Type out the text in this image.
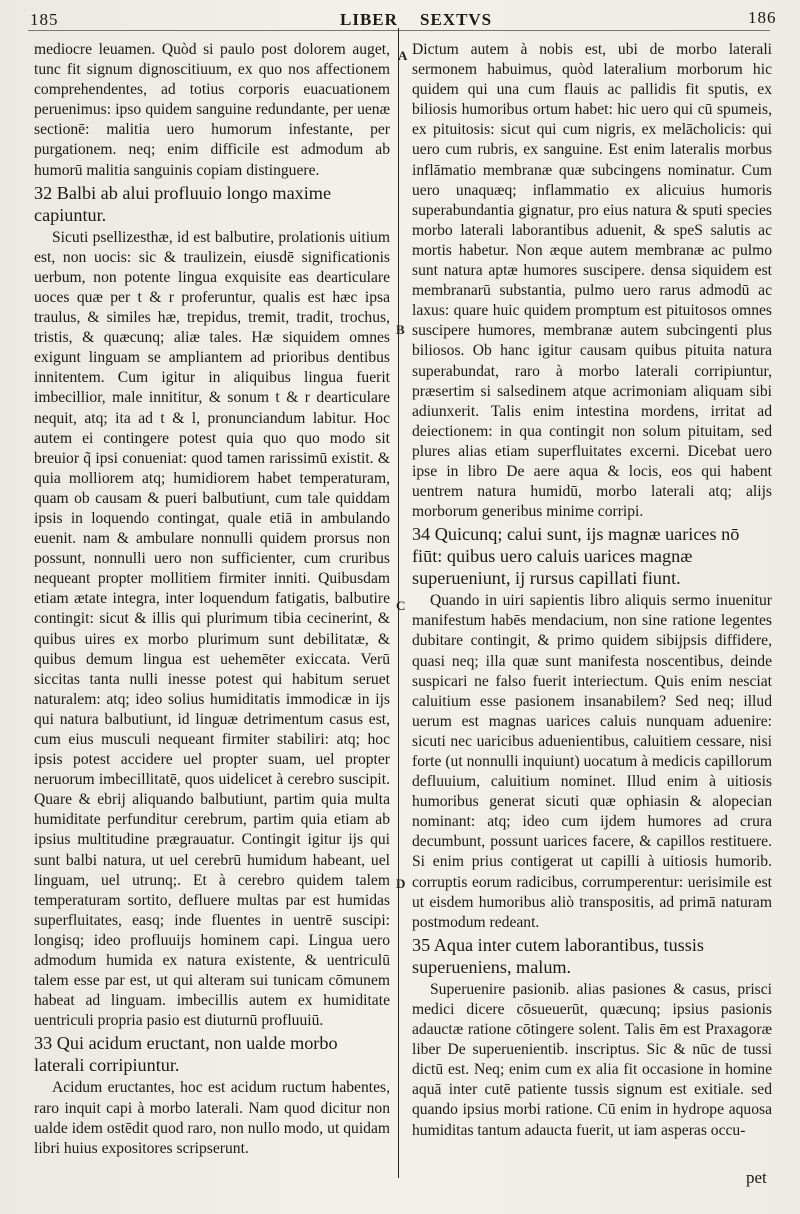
185	LIBER SEXTVS	186
A
B
C
D

mediocre leuamen. Quòd si paulo post dolorem auget, tunc fit signum dignoscitiuum, ex quo nos affectionem comprehendentes, ad totius corporis euacuationem peruenimus: ipso quidem sanguine redundante, per uenæ sectionē: malitia uero humorum infestante, per purgationem. neq; enim difficile est admodum ab humorū malitia sanguinis copiam distinguere.

32 Balbi ab alui profluuio longo maxime capiuntur.

Sicuti psellizesthæ, id est balbutire, prolationis uitium est, non uocis: sic & traulizein, eiusdē significationis uerbum, non potente lingua exquisite eas dearticulare uoces quæ per t & r proferuntur, qualis est hæc ipsa traulus, & similes hæ, trepidus, tremit, tradit, trochus, tristis, & quæcunq; aliæ tales. Hæ siquidem omnes exigunt linguam se ampliantem ad prioribus dentibus innitentem. Cum igitur in aliquibus lingua fuerit imbecillior, male innititur, & sonum t & r dearticulare nequit, atq; ita ad t & l, pronunciandum labitur. Hoc autem ei contingere potest quia quo quo modo sit breuior q̃ ipsi conueniat: quod tamen rarissimū existit. & quia molliorem atq; humidiorem habet temperaturam, quam ob causam & pueri balbutiunt, cum tale quiddam ipsis in loquendo contingat, quale etiā in ambulando euenit. nam & ambulare nonnulli quidem prorsus non possunt, nonnulli uero non sufficienter, cum cruribus nequeant propter mollitiem firmiter inniti. Quibusdam etiam ætate integra, inter loquendum fatigatis, balbutire contingit: sicut & illis qui plurimum tibia cecinerint, & quibus uires ex morbo plurimum sunt debilitatæ, & quibus demum lingua est uehemēter exiccata. Verū siccitas tanta nulli inesse potest qui habitum seruet naturalem: atq; ideo solius humiditatis immodicæ in ijs qui natura balbutiunt, id linguæ detrimentum casus est, cum eius musculi nequeant firmiter stabiliri: atq; hoc ipsis potest accidere uel propter suam, uel propter neruorum imbecillitatē, quos uidelicet à cerebro suscipit. Quare & ebrij aliquando balbutiunt, partim quia multa humiditate perfunditur cerebrum, partim quia etiam ab ipsius multitudine prægrauatur. Contingit igitur ijs qui sunt balbi natura, ut uel cerebrū humidum habeant, uel linguam, uel utrunq;. Et à cerebro quidem talem temperaturam sortito, defluere multas par est humidas superfluitates, easq; inde fluentes in uentrē suscipi: longisq; ideo profluuijs hominem capi. Lingua uero admodum humida ex natura existente, & uentriculū talem esse par est, ut qui alteram sui tunicam cōmunem habeat ad linguam. imbecillis autem ex humiditate uentriculi propria pasio est diuturnū profluuiū.

33 Qui acidum eructant, non ualde morbo laterali corripiuntur.

Acidum eructantes, hoc est acidum ructum habentes, raro inquit capi à morbo laterali. Nam quod dicitur non ualde idem ostēdit quod raro, non nullo modo, ut quidam libri huius expositores scripserunt.

Dictum autem à nobis est, ubi de morbo laterali sermonem habuimus, quòd lateralium morborum hic quidem qui una cum flauis ac pallidis fit sputis, ex biliosis humoribus ortum habet: hic uero qui cū spumeis, ex pituitosis: sicut qui cum nigris, ex melācholicis: qui uero cum rubris, ex sanguine. Est enim lateralis morbus inflāmatio membranæ quæ subcingens nominatur. Cum uero unaquæq; inflammatio ex alicuius humoris superabundantia gignatur, pro eius natura & sputi species morbo laterali laborantibus aduenit, & speS salutis ac mortis habetur. Non æque autem membranæ ac pulmo sunt natura aptæ humores suscipere. densa siquidem est membranarū substantia, pulmo uero rarus admodū ac laxus: quare huic quidem promptum est pituitosos omnes suscipere humores, membranæ autem subcingenti plus biliosos. Ob hanc igitur causam quibus pituita natura superabundat, raro à morbo laterali corripiuntur, præsertim si salsedinem atque acrimoniam aliquam sibi adiunxerit. Talis enim intestina mordens, irritat ad deiectionem: in qua contingit non solum pituitam, sed plures alias etiam superfluitates excerni. Dicebat uero ipse in libro De aere aqua & locis, eos qui habent uentrem natura humidū, morbo laterali atq; alijs morborum generibus minime corripi.

34 Quicunq; calui sunt, ijs magnæ uarices nō fiūt: quibus uero caluis uarices magnæ superueniunt, ij rursus capillati fiunt.

Quando in uiri sapientis libro aliquis sermo inuenitur manifestum habēs mendacium, non sine ratione legentes dubitare contingit, & primo quidem sibijpsis diffidere, quasi neq; illa quæ sunt manifesta noscentibus, deinde suspicari ne falso fuerit interiectum. Quis enim nesciat caluitium esse pasionem insanabilem? Sed neq; illud uerum est magnas uarices caluis nunquam aduenire: sicuti nec uaricibus aduenientibus, caluitiem cessare, nisi forte (ut nonnulli inquiunt) uocatum à medicis capillorum defluuium, caluitium nominet. Illud enim à uitiosis humoribus generat sicuti quæ ophiasin & alopecian nominant: atq; ideo cum ijdem humores ad crura decumbunt, possunt uarices facere, & capillos restituere. Si enim prius contigerat ut capilli à uitiosis humorib. corruptis eorum radicibus, corrumperentur: uerisimile est ut eisdem humoribus aliò transpositis, ad primā naturam postmodum redeant.

35 Aqua inter cutem laborantibus, tussis superueniens, malum.

Superuenire pasionib. alias pasiones & casus, prisci medici dicere cōsueuerūt, quæcunq; ipsius pasionis adauctæ ratione cōtingere solent. Talis ēm est Praxagoræ liber De superuenientib. inscriptus. Sic & nūc de tussi dictū est. Neq; enim cum ex alia fit occasione in homine aquā inter cutē patiente tussis signum est exitiale. sed quando ipsius morbi ratione. Cū enim in hydrope aquosa humiditas tantum adaucta fuerit, ut iam asperas occu-

pet
